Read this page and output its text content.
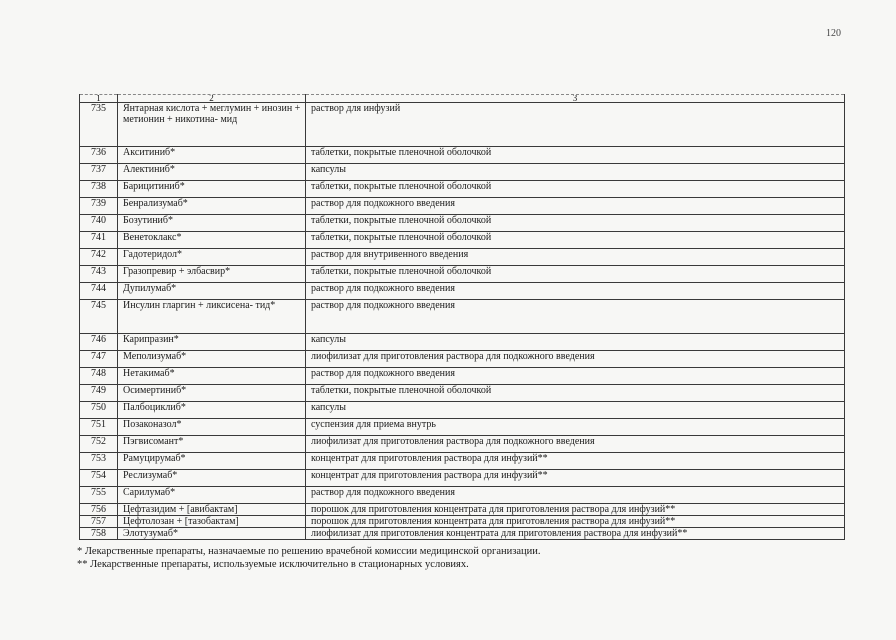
120
1	2	3
735	Янтарная кислота + меглумин + инозин + метионин + никотина- мид	раствор для инфузий
736	Акситиниб*	таблетки, покрытые пленочной оболочкой
737	Алектиниб*	капсулы
738	Барицитиниб*	таблетки, покрытые пленочной оболочкой
739	Бенрализумаб*	раствор для подкожного введения
740	Бозутиниб*	таблетки, покрытые пленочной оболочкой
741	Венетоклакс*	таблетки, покрытые пленочной оболочкой
742	Гадотеридол*	раствор для внутривенного введения
743	Гразопревир + элбасвир*	таблетки, покрытые пленочной оболочкой
744	Дупилумаб*	раствор для подкожного введения
745	Инсулин гларгин + ликсисена- тид*	раствор для подкожного введения
746	Карипразин*	капсулы
747	Меполизумаб*	лиофилизат для приготовления раствора для подкожного введения
748	Нетакимаб*	раствор для подкожного введения
749	Осимертиниб*	таблетки, покрытые пленочной оболочкой
750	Палбоциклиб*	капсулы
751	Позаконазол*	суспензия для приема внутрь
752	Пэгвисомант*	лиофилизат для приготовления раствора для подкожного введения
753	Рамуцирумаб*	концентрат для приготовления раствора для инфузий**
754	Реслизумаб*	концентрат для приготовления раствора для инфузий**
755	Сарилумаб*	раствор для подкожного введения
756	Цефтазидим + [авибактам]	порошок для приготовления концентрата для приготовления раствора для инфузий**
757	Цефтолозан + [тазобактам]	порошок для приготовления концентрата для приготовления раствора для инфузий**
758	Элотузумаб*	лиофилизат для приготовления концентрата для приготовления раствора для инфузий**
* Лекарственные препараты, назначаемые по решению врачебной комиссии медицинской организации.
** Лекарственные препараты, используемые исключительно в стационарных условиях.
